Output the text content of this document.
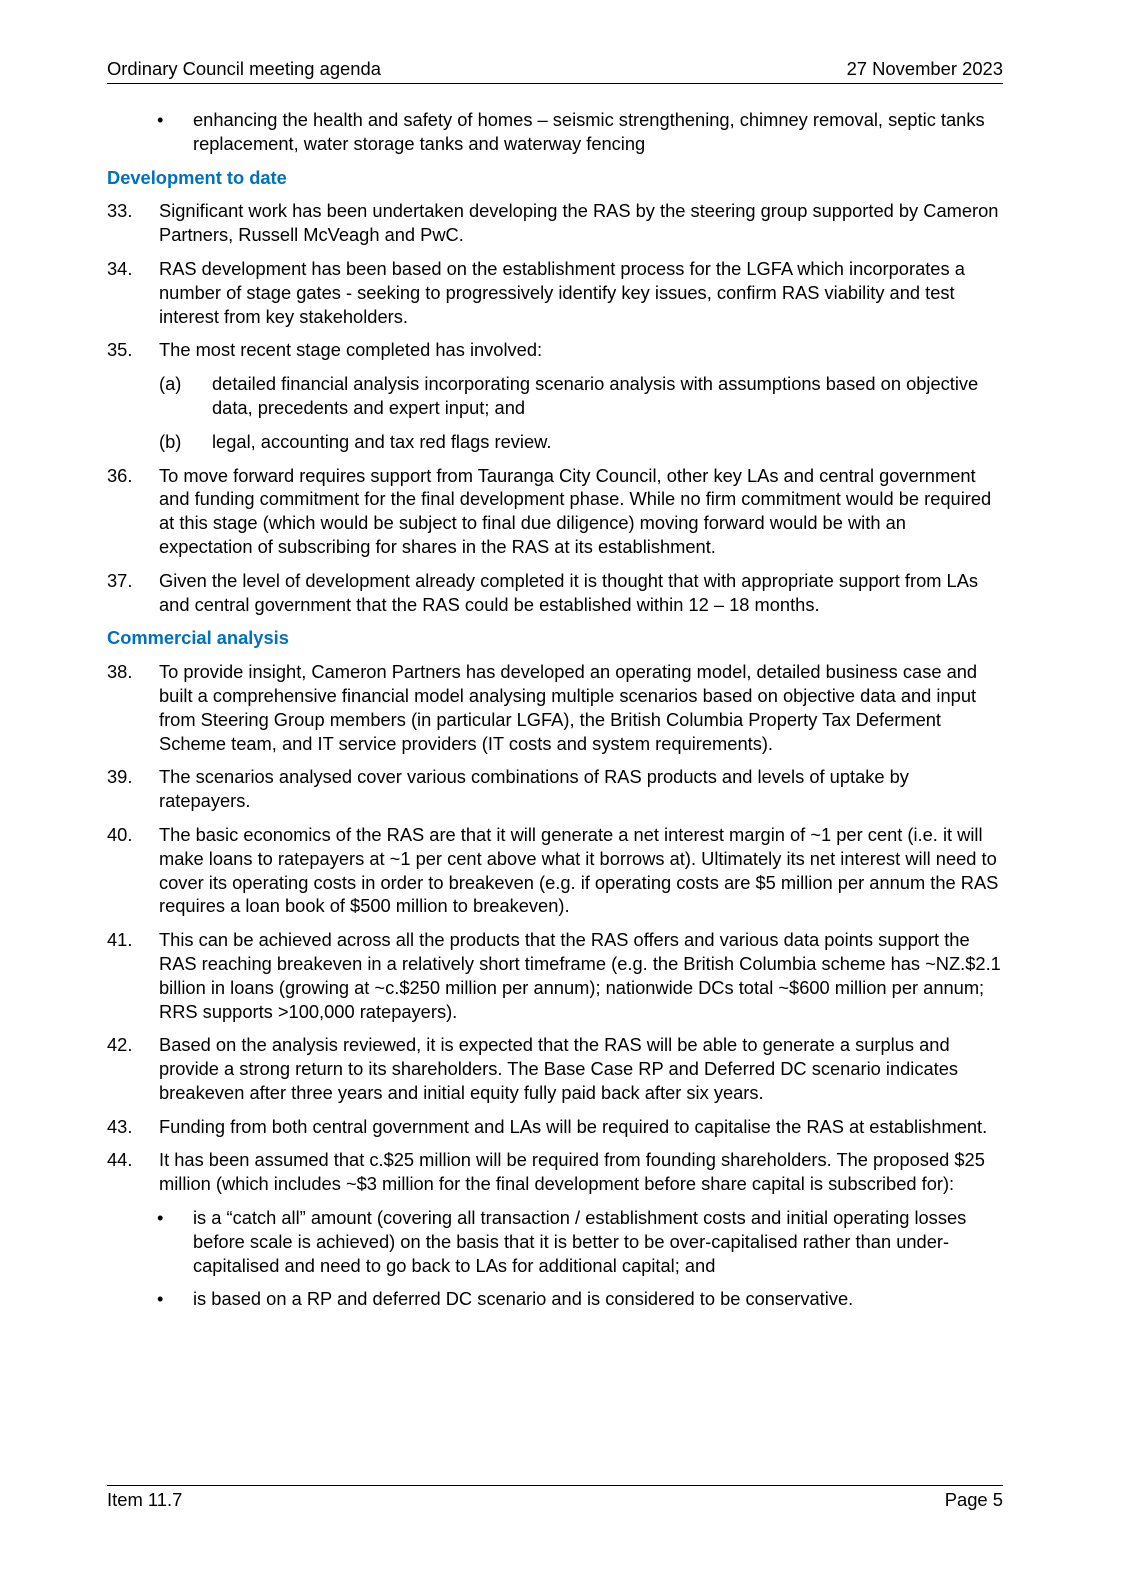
Ordinary Council meeting agenda	27 November 2023
• enhancing the health and safety of homes – seismic strengthening, chimney removal, septic tanks replacement, water storage tanks and waterway fencing
Development to date
33. Significant work has been undertaken developing the RAS by the steering group supported by Cameron Partners, Russell McVeagh and PwC.
34. RAS development has been based on the establishment process for the LGFA which incorporates a number of stage gates - seeking to progressively identify key issues, confirm RAS viability and test interest from key stakeholders.
35. The most recent stage completed has involved:
(a) detailed financial analysis incorporating scenario analysis with assumptions based on objective data, precedents and expert input; and
(b) legal, accounting and tax red flags review.
36. To move forward requires support from Tauranga City Council, other key LAs and central government and funding commitment for the final development phase. While no firm commitment would be required at this stage (which would be subject to final due diligence) moving forward would be with an expectation of subscribing for shares in the RAS at its establishment.
37. Given the level of development already completed it is thought that with appropriate support from LAs and central government that the RAS could be established within 12 – 18 months.
Commercial analysis
38. To provide insight, Cameron Partners has developed an operating model, detailed business case and built a comprehensive financial model analysing multiple scenarios based on objective data and input from Steering Group members (in particular LGFA), the British Columbia Property Tax Deferment Scheme team, and IT service providers (IT costs and system requirements).
39. The scenarios analysed cover various combinations of RAS products and levels of uptake by ratepayers.
40. The basic economics of the RAS are that it will generate a net interest margin of ~1 per cent (i.e. it will make loans to ratepayers at ~1 per cent above what it borrows at). Ultimately its net interest will need to cover its operating costs in order to breakeven (e.g. if operating costs are $5 million per annum the RAS requires a loan book of $500 million to breakeven).
41. This can be achieved across all the products that the RAS offers and various data points support the RAS reaching breakeven in a relatively short timeframe (e.g. the British Columbia scheme has ~NZ.$2.1 billion in loans (growing at ~c.$250 million per annum); nationwide DCs total ~$600 million per annum; RRS supports >100,000 ratepayers).
42. Based on the analysis reviewed, it is expected that the RAS will be able to generate a surplus and provide a strong return to its shareholders. The Base Case RP and Deferred DC scenario indicates breakeven after three years and initial equity fully paid back after six years.
43. Funding from both central government and LAs will be required to capitalise the RAS at establishment.
44. It has been assumed that c.$25 million will be required from founding shareholders. The proposed $25 million (which includes ~$3 million for the final development before share capital is subscribed for):
• is a “catch all” amount (covering all transaction / establishment costs and initial operating losses before scale is achieved) on the basis that it is better to be over-capitalised rather than under-capitalised and need to go back to LAs for additional capital; and
• is based on a RP and deferred DC scenario and is considered to be conservative.
Item 11.7	Page 5
